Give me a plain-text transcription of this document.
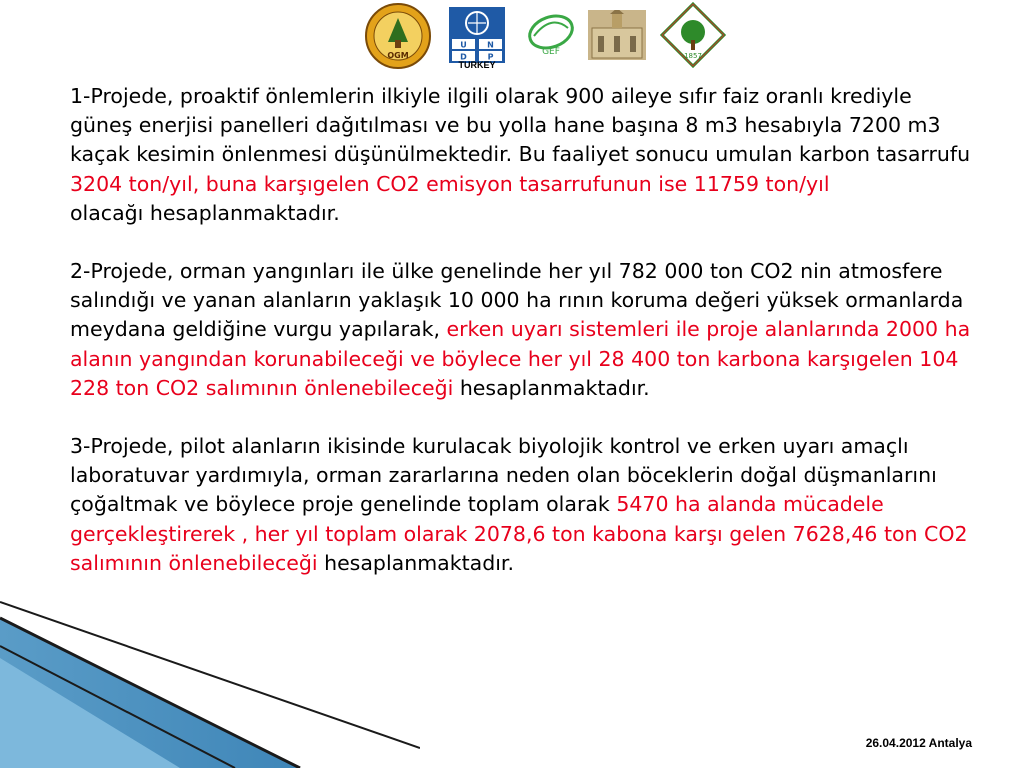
OGM
U	N
D	P
TURKEY
GEF	1857

1-Projede, proaktif önlemlerin ilkiyle ilgili olarak 900 aileye sıfır faiz oranlı krediyle güneş enerjisi panelleri dağıtılması ve bu yolla hane başına 8 m3 hesabıyla 7200 m3 kaçak kesimin önlenmesi düşünülmektedir. Bu faaliyet sonucu umulan karbon tasarrufu 3204 ton/yıl, buna karşıgelen CO2 emisyon tasarrufunun ise 11759 ton/yıl
olacağı hesaplanmaktadır.

2-Projede, orman yangınları ile ülke genelinde her yıl 782 000 ton CO2 nin atmosfere salındığı ve yanan alanların yaklaşık 10 000 ha rının koruma değeri yüksek ormanlarda meydana geldiğine vurgu yapılarak, erken uyarı sistemleri ile proje alanlarında 2000 ha alanın yangından korunabileceği ve böylece her yıl 28 400 ton karbona karşıgelen 104 228 ton CO2 salımının önlenebileceği hesaplanmaktadır.

3-Projede, pilot alanların ikisinde kurulacak biyolojik kontrol ve erken uyarı amaçlı laboratuvar yardımıyla, orman zararlarına neden olan böceklerin doğal düşmanlarını çoğaltmak ve böylece proje genelinde toplam olarak 5470 ha alanda mücadele gerçekleştirerek , her yıl toplam olarak 2078,6 ton kabona karşı gelen 7628,46 ton CO2 salımının önlenebileceği hesaplanmaktadır.

26.04.2012 Antalya
